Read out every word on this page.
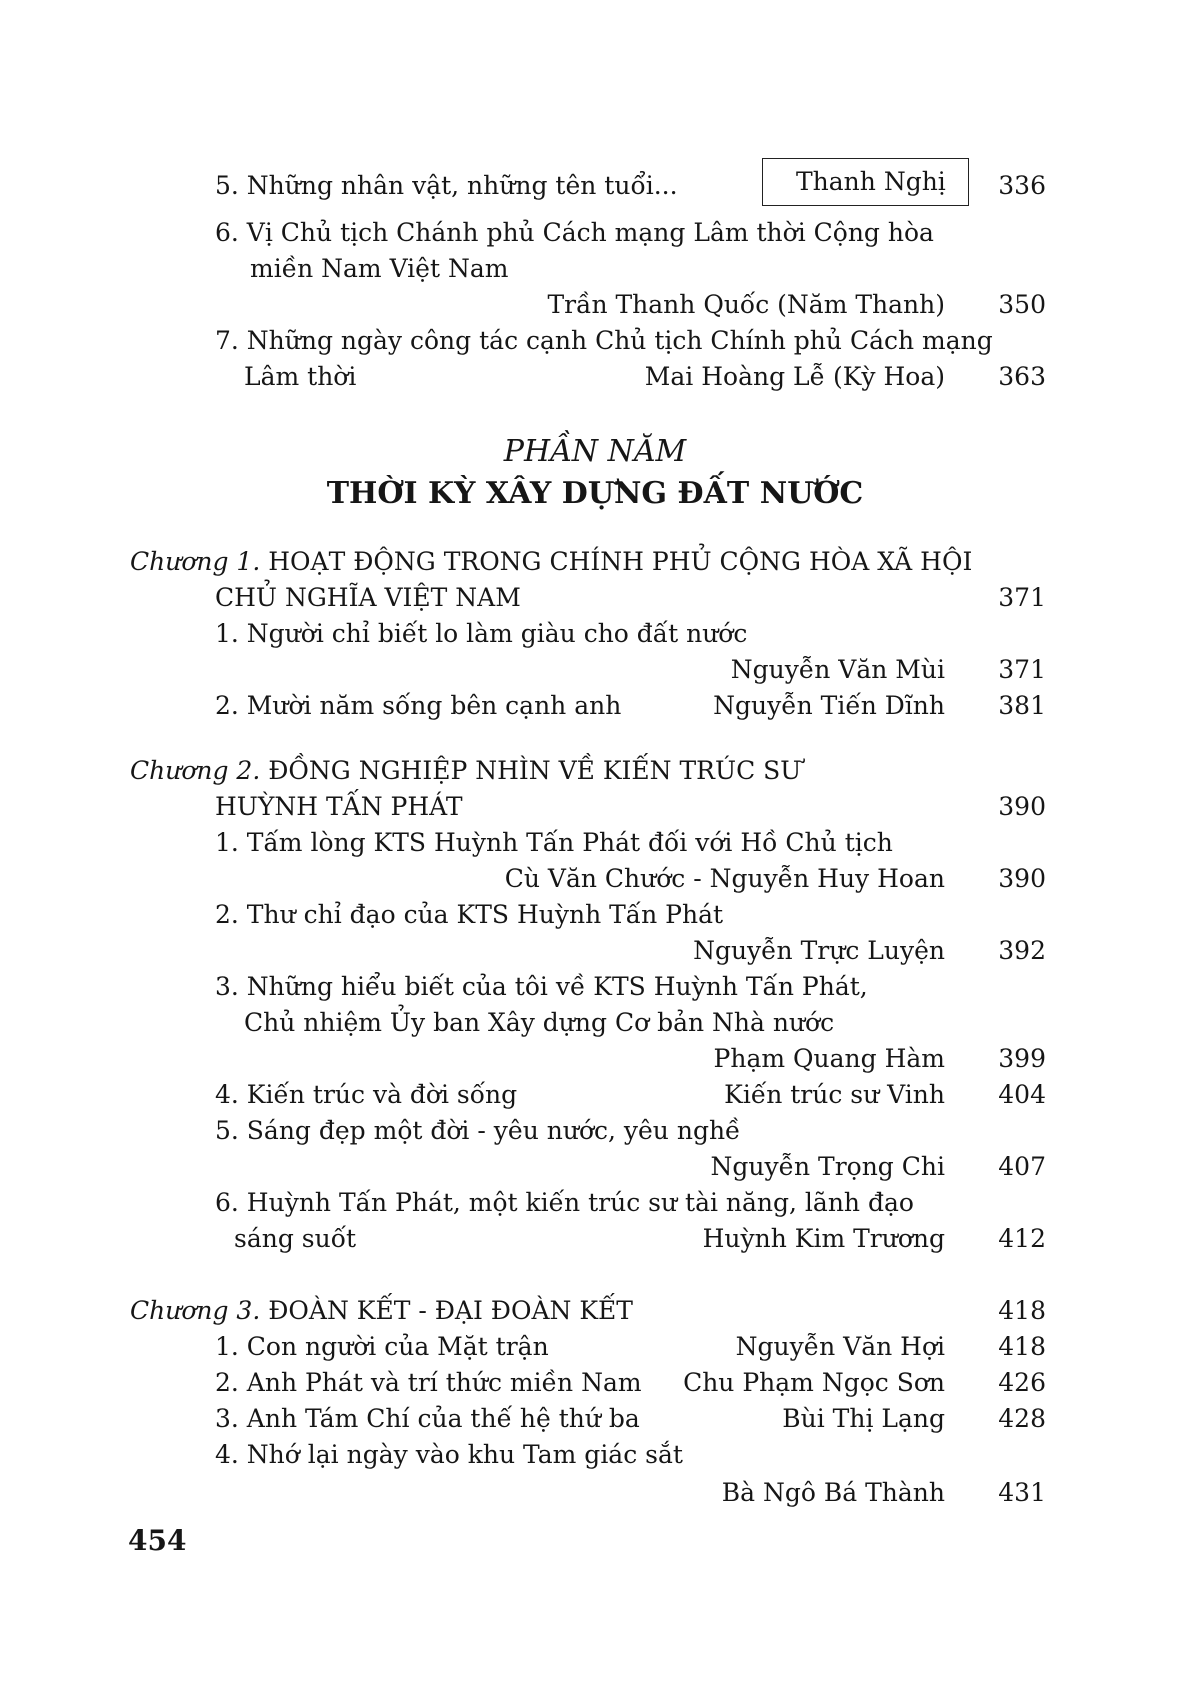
5. Những nhân vật, những tên tuổi...	Thanh Nghị	336
6. Vị Chủ tịch Chánh phủ Cách mạng Lâm thời Cộng hòa
miền Nam Việt Nam
Trần Thanh Quốc (Năm Thanh)	350
7. Những ngày công tác cạnh Chủ tịch Chính phủ Cách mạng
Lâm thời	Mai Hoàng Lễ (Kỳ Hoa)	363
PHẦN NĂM
THỜI KỲ XÂY DỰNG ĐẤT NƯỚC
Chương 1. HOẠT ĐỘNG TRONG CHÍNH PHỦ CỘNG HÒA XÃ HỘI
CHỦ NGHĨA VIỆT NAM	371
1. Người chỉ biết lo làm giàu cho đất nước
Nguyễn Văn Mùi	371
2. Mười năm sống bên cạnh anh	Nguyễn Tiến Dĩnh	381
Chương 2. ĐỒNG NGHIỆP NHÌN VỀ KIẾN TRÚC SƯ
HUỲNH TẤN PHÁT	390
1. Tấm lòng KTS Huỳnh Tấn Phát đối với Hồ Chủ tịch
Cù Văn Chước - Nguyễn Huy Hoan	390
2. Thư chỉ đạo của KTS Huỳnh Tấn Phát
Nguyễn Trực Luyện	392
3. Những hiểu biết của tôi về KTS Huỳnh Tấn Phát,
Chủ nhiệm Ủy ban Xây dựng Cơ bản Nhà nước
Phạm Quang Hàm	399
4. Kiến trúc và đời sống	Kiến trúc sư Vinh	404
5. Sáng đẹp một đời - yêu nước, yêu nghề
Nguyễn Trọng Chi	407
6. Huỳnh Tấn Phát, một kiến trúc sư tài năng, lãnh đạo
sáng suốt	Huỳnh Kim Trương	412
Chương 3. ĐOÀN KẾT - ĐẠI ĐOÀN KẾT	418
1. Con người của Mặt trận	Nguyễn Văn Hợi	418
2. Anh Phát và trí thức miền Nam	Chu Phạm Ngọc Sơn	426
3. Anh Tám Chí của thế hệ thứ ba	Bùi Thị Lạng	428
4. Nhớ lại ngày vào khu Tam giác sắt
Bà Ngô Bá Thành	431
454
